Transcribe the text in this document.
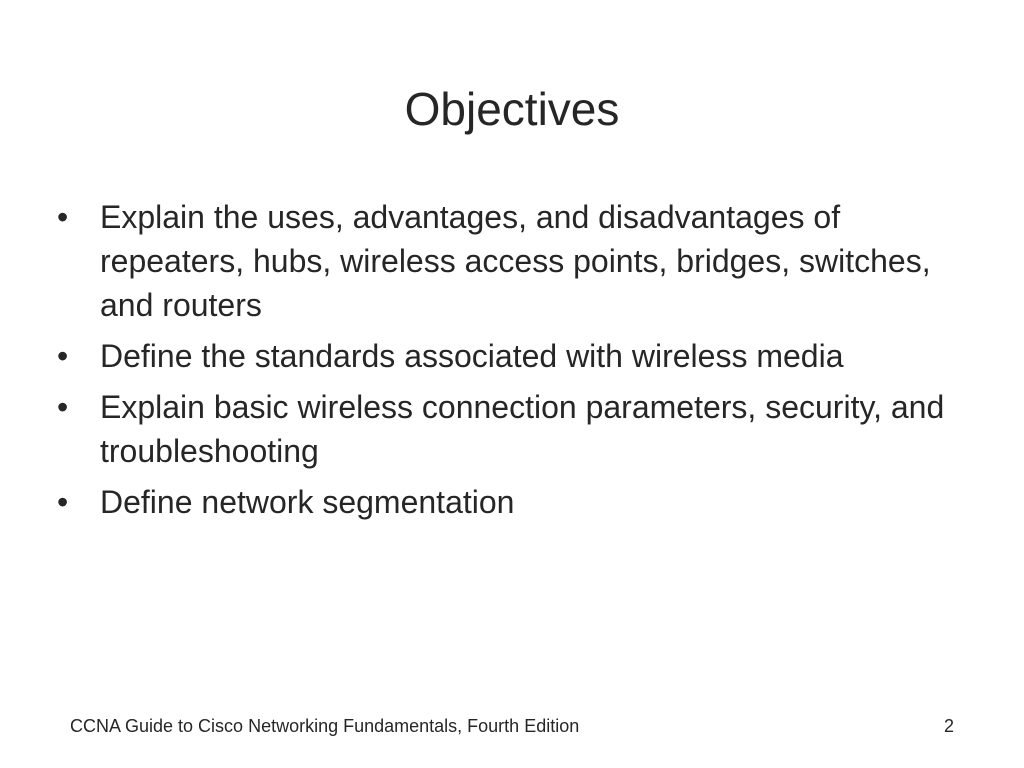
Objectives
• Explain the uses, advantages, and disadvantages of repeaters, hubs, wireless access points, bridges, switches, and routers
• Define the standards associated with wireless media
• Explain basic wireless connection parameters, security, and troubleshooting
• Define network segmentation
CCNA Guide to Cisco Networking Fundamentals, Fourth Edition	2
